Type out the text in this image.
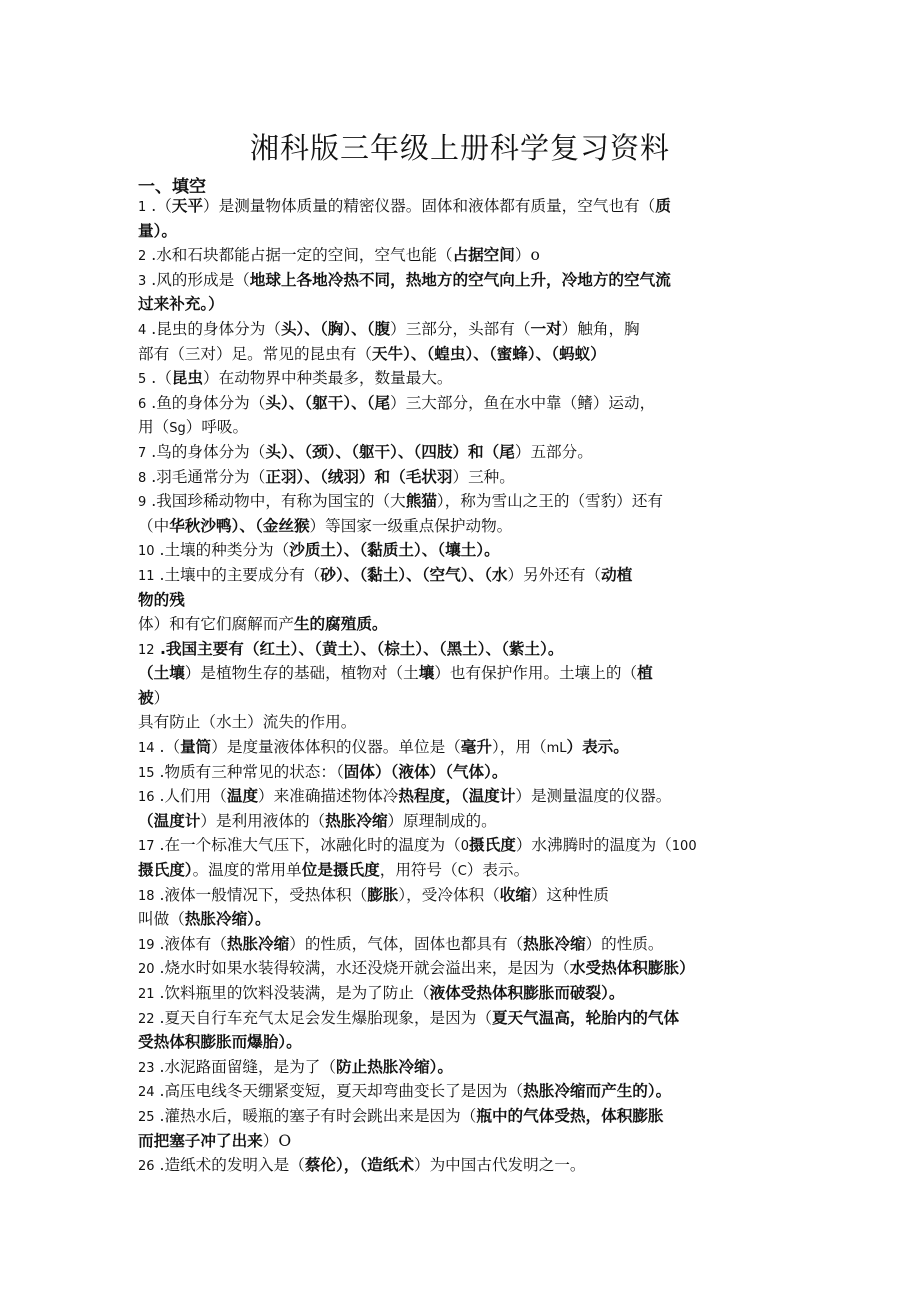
湘科版三年级上册科学复习资料
一、填空
1 .（天平）是测量物体质量的精密仪器。固体和液体都有质量，空气也有（质
量）。
2 .水和石块都能占据一定的空间，空气也能（占据空间）o
3 .风的形成是（地球上各地冷热不同，热地方的空气向上升，冷地方的空气流
过来补充。）
4 .昆虫的身体分为（头）、（胸）、（腹）三部分，头部有（一对）触角，胸
部有（三对）足。常见的昆虫有（天牛）、（蝗虫）、（蜜蜂）、（蚂蚁）
5 .（昆虫）在动物界中种类最多，数量最大。
6 .鱼的身体分为（头）、（躯干）、（尾）三大部分，鱼在水中靠（鳍）运动，
用（Sg）呼吸。
7 .鸟的身体分为（头）、（颈）、（躯干）、（四肢）和（尾）五部分。
8 .羽毛通常分为（正羽）、（绒羽）和（毛状羽）三种。
9 .我国珍稀动物中，有称为国宝的（大熊猫），称为雪山之王的（雪豹）还有
（中华秋沙鸭）、（金丝猴）等国家一级重点保护动物。
10 .土壤的种类分为（沙质土）、（黏质土）、（壤土）。
11 .土壤中的主要成分有（砂）、（黏土）、（空气）、（水）另外还有（动植
物的残
体）和有它们腐解而产生的腐殖质。
12 .我国主要有（红土）、（黄土）、（棕土）、（黑土）、（紫土）。
（土壤）是植物生存的基础，植物对（土壤）也有保护作用。土壤上的（植
被）
具有防止（水土）流失的作用。
14 .（量筒）是度量液体体积的仪器。单位是（毫升），用（mL）表示。
15 .物质有三种常见的状态：（固体）（液体）（气体）。
16 .人们用（温度）来准确描述物体冷热程度，（温度计）是测量温度的仪器。
（温度计）是利用液体的（热胀冷缩）原理制成的。
17 .在一个标准大气压下，冰融化时的温度为（0摄氏度）水沸腾时的温度为（100
摄氏度）。温度的常用单位是摄氏度，用符号（C）表示。
18 .液体一般情况下，受热体积（膨胀），受冷体积（收缩）这种性质
叫做（热胀冷缩）。
19 .液体有（热胀冷缩）的性质，气体，固体也都具有（热胀冷缩）的性质。
20 .烧水时如果水装得较满，水还没烧开就会溢出来，是因为（水受热体积膨胀）
21 .饮料瓶里的饮料没装满，是为了防止（液体受热体积膨胀而破裂）。
22 .夏天自行车充气太足会发生爆胎现象，是因为（夏天气温高，轮胎内的气体
受热体积膨胀而爆胎）。
23 .水泥路面留缝，是为了（防止热胀冷缩）。
24 .高压电线冬天绷紧变短，夏天却弯曲变长了是因为（热胀冷缩而产生的）。
25 .灌热水后，暖瓶的塞子有时会跳出来是因为（瓶中的气体受热，体积膨胀
而把塞子冲了出来）O
26 .造纸术的发明入是（蔡伦），（造纸术）为中国古代发明之一。
